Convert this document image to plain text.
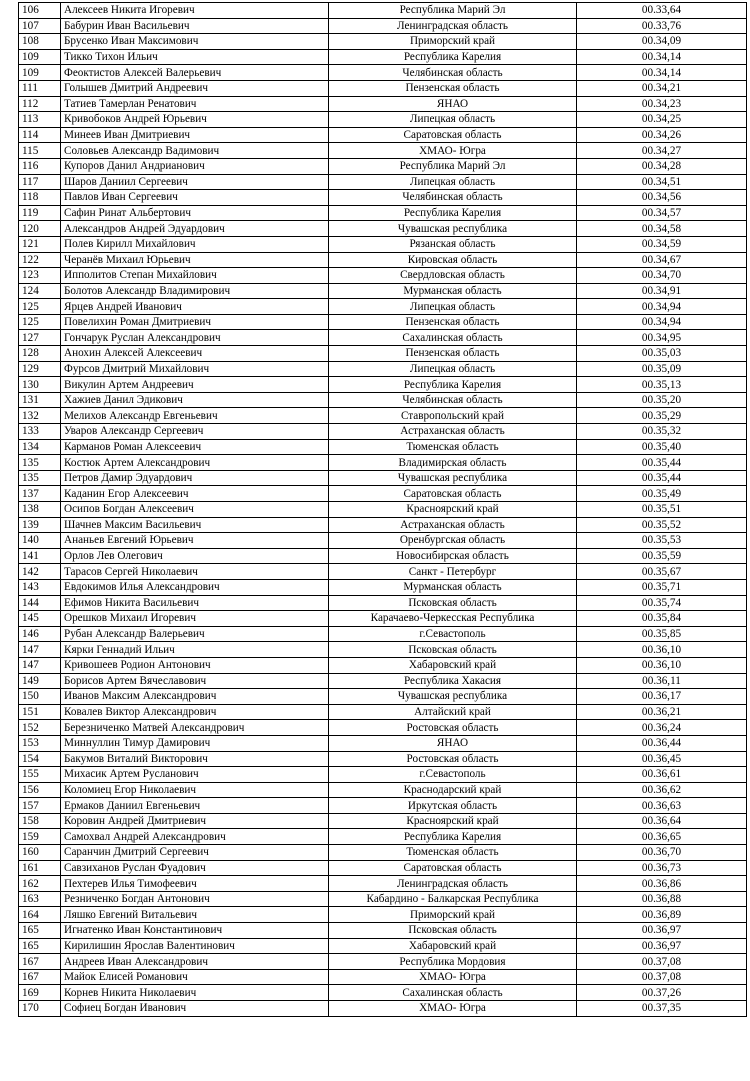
106	Алексеев Никита Игоревич	Республика Марий Эл	00.33,64
107	Бабурин Иван Васильевич	Ленинградская область	00.33,76
108	Брусенко Иван Максимович	Приморский край	00.34,09
109	Тикко Тихон Ильич	Республика Карелия	00.34,14
109	Феоктистов Алексей Валерьевич	Челябинская область	00.34,14
111	Голышев Дмитрий Андреевич	Пензенская область	00.34,21
112	Татиев Тамерлан Ренатович	ЯНАО	00.34,23
113	Кривобоков Андрей Юрьевич	Липецкая область	00.34,25
114	Минеев Иван Дмитриевич	Саратовская область	00.34,26
115	Соловьев Александр Вадимович	ХМАО- Югра	00.34,27
116	Купоров Данил Андрианович	Республика Марий Эл	00.34,28
117	Шаров Даниил Сергеевич	Липецкая область	00.34,51
118	Павлов Иван Сергеевич	Челябинская область	00.34,56
119	Сафин Ринат Альбертович	Республика Карелия	00.34,57
120	Александров Андрей Эдуардович	Чувашская республика	00.34,58
121	Полев Кирилл Михайлович	Рязанская область	00.34,59
122	Черанёв Михаил Юрьевич	Кировская область	00.34,67
123	Ипполитов Степан Михайлович	Свердловская область	00.34,70
124	Болотов Александр Владимирович	Мурманская область	00.34,91
125	Ярцев Андрей Иванович	Липецкая область	00.34,94
125	Повелихин Роман Дмитриевич	Пензенская область	00.34,94
127	Гончарук Руслан Александрович	Сахалинская область	00.34,95
128	Анохин Алексей Алексеевич	Пензенская область	00.35,03
129	Фурсов Дмитрий Михайлович	Липецкая область	00.35,09
130	Викулин Артем Андреевич	Республика Карелия	00.35,13
131	Хажиев Данил Эдикович	Челябинская область	00.35,20
132	Мелихов Александр Евгеньевич	Ставропольский край	00.35,29
133	Уваров Александр Сергеевич	Астраханская область	00.35,32
134	Карманов Роман Алексеевич	Тюменская область	00.35,40
135	Костюк Артем Александрович	Владимирская область	00.35,44
135	Петров Дамир Эдуардович	Чувашская республика	00.35,44
137	Каданин Егор Алексеевич	Саратовская область	00.35,49
138	Осипов Богдан Алексеевич	Красноярский край	00.35,51
139	Шачнев Максим Васильевич	Астраханская область	00.35,52
140	Ананьев Евгений Юрьевич	Оренбургская область	00.35,53
141	Орлов Лев Олегович	Новосибирская область	00.35,59
142	Тарасов Сергей Николаевич	Санкт - Петербург	00.35,67
143	Евдокимов Илья Александрович	Мурманская область	00.35,71
144	Ефимов Никита Васильевич	Псковская область	00.35,74
145	Орешков Михаил Игоревич	Карачаево-Черкесская Республика	00.35,84
146	Рубан Александр Валерьевич	г.Севастополь	00.35,85
147	Кярки Геннадий Ильич	Псковская область	00.36,10
147	Кривошеев Родион Антонович	Хабаровский край	00.36,10
149	Борисов Артем Вячеславович	Республика Хакасия	00.36,11
150	Иванов Максим Александрович	Чувашская республика	00.36,17
151	Ковалев Виктор Александрович	Алтайский край	00.36,21
152	Березниченко Матвей Александрович	Ростовская область	00.36,24
153	Миннуллин Тимур Дамирович	ЯНАО	00.36,44
154	Бакумов Виталий Викторович	Ростовская область	00.36,45
155	Михасик Артем Русланович	г.Севастополь	00.36,61
156	Коломиец Егор Николаевич	Краснодарский край	00.36,62
157	Ермаков Даниил Евгеньевич	Иркутская область	00.36,63
158	Коровин Андрей Дмитриевич	Красноярский край	00.36,64
159	Самохвал Андрей Александрович	Республика Карелия	00.36,65
160	Саранчин Дмитрий Сергеевич	Тюменская область	00.36,70
161	Савзиханов Руслан Фуадович	Саратовская область	00.36,73
162	Пехтерев Илья Тимофеевич	Ленинградская область	00.36,86
163	Резниченко Богдан Антонович	Кабардино - Балкарская Республика	00.36,88
164	Ляшко Евгений Витальевич	Приморский край	00.36,89
165	Игнатенко Иван Константинович	Псковская область	00.36,97
165	Кирилишин Ярослав Валентинович	Хабаровский край	00.36,97
167	Андреев Иван Александрович	Республика Мордовия	00.37,08
167	Майок Елисей Романович	ХМАО- Югра	00.37,08
169	Корнев Никита Николаевич	Сахалинская область	00.37,26
170	Софиец Богдан Иванович	ХМАО- Югра	00.37,35
